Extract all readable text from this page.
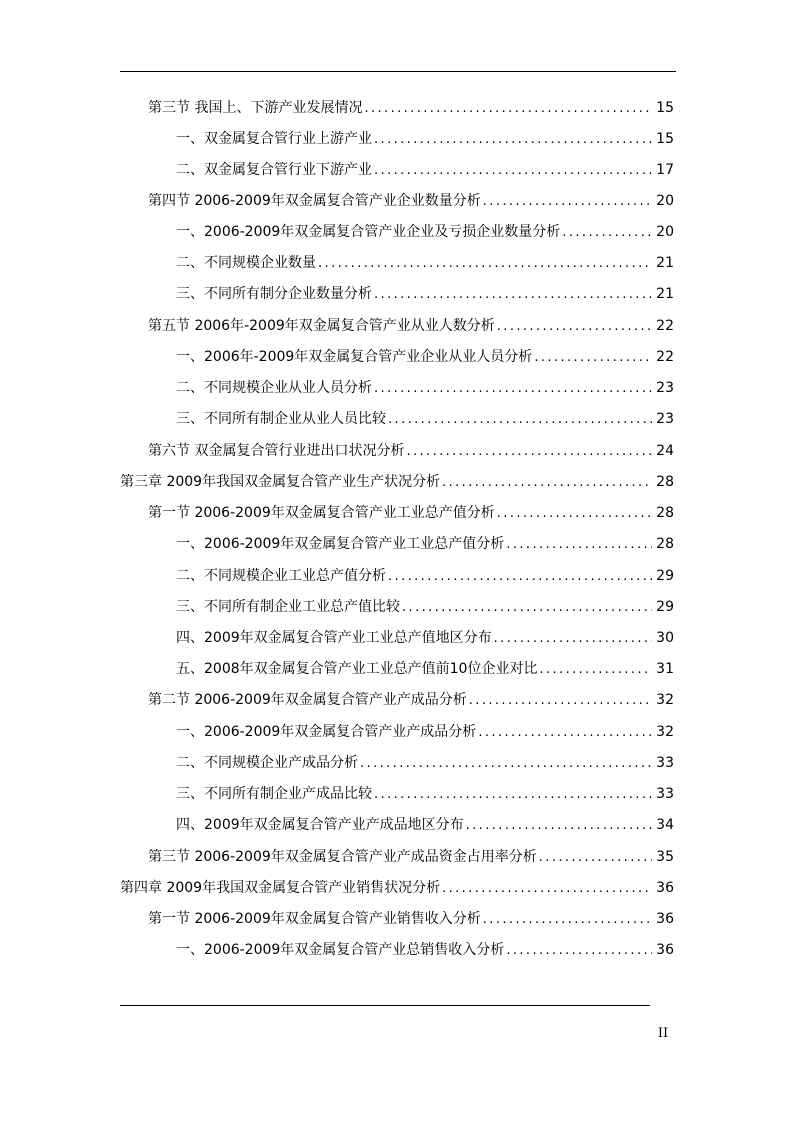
第三节 我国上、下游产业发展情况 .....	15
一、双金属复合管行业上游产业 .....	15
二、双金属复合管行业下游产业 .....	17
第四节 2006-2009年双金属复合管产业企业数量分析 .....	20
一、2006-2009年双金属复合管产业企业及亏损企业数量分析 .....	20
二、不同规模企业数量 .....	21
三、不同所有制分企业数量分析 .....	21
第五节 2006年-2009年双金属复合管产业从业人数分析 .....	22
一、2006年-2009年双金属复合管产业企业从业人员分析 .....	22
二、不同规模企业从业人员分析 .....	23
三、不同所有制企业从业人员比较 .....	23
第六节 双金属复合管行业进出口状况分析 .....	24
第三章 2009年我国双金属复合管产业生产状况分析 .....	28
第一节 2006-2009年双金属复合管产业工业总产值分析 .....	28
一、2006-2009年双金属复合管产业工业总产值分析 .....	28
二、不同规模企业工业总产值分析 .....	29
三、不同所有制企业工业总产值比较 .....	29
四、2009年双金属复合管产业工业总产值地区分布 .....	30
五、2008年双金属复合管产业工业总产值前10位企业对比 .....	31
第二节 2006-2009年双金属复合管产业产成品分析 .....	32
一、2006-2009年双金属复合管产业产成品分析 .....	32
二、不同规模企业产成品分析 .....	33
三、不同所有制企业产成品比较 .....	33
四、2009年双金属复合管产业产成品地区分布 .....	34
第三节 2006-2009年双金属复合管产业产成品资金占用率分析 .....	35
第四章 2009年我国双金属复合管产业销售状况分析 .....	36
第一节 2006-2009年双金属复合管产业销售收入分析 .....	36
一、2006-2009年双金属复合管产业总销售收入分析 .....	36
II
